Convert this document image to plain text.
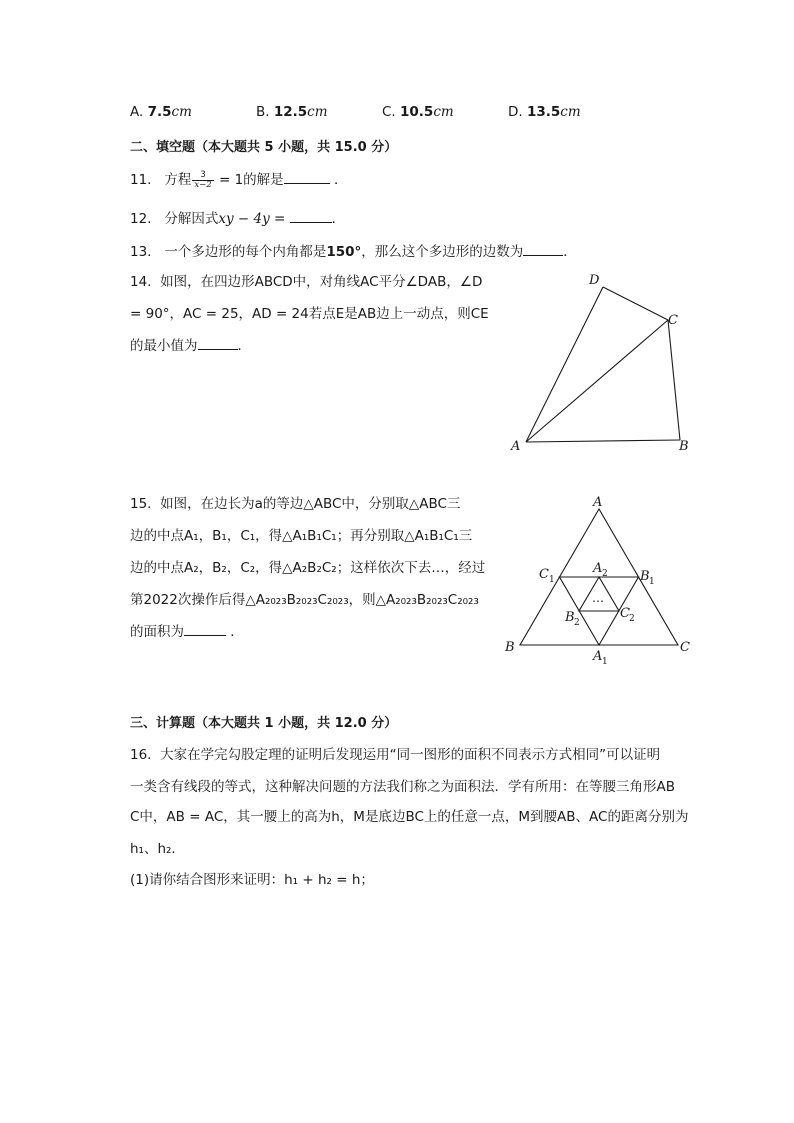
A. 7.5cm	B. 12.5cm	C. 10.5cm	D. 13.5cm
二、填空题（本大题共 5 小题，共 15.0 分）
11. 方程 $\frac{3}{x-2} = 1$的解是	．
12. 分解因式xy − 4y =	．
13. 一个多边形的每个内角都是150°，那么这个多边形的边数为	．
14. 如图，在四边形ABCD中，对角线AC平分∠DAB，∠D
= 90°，AC = 25，AD = 24若点E是AB边上一动点，则CE
的最小值为	．
D
C
A	B
15. 如图，在边长为a的等边△ABC中，分别取△ABC三
边的中点A₁，B₁，C₁，得△A₁B₁C₁；再分别取△A₁B₁C₁三
边的中点A₂，B₂，C₂，得△A₂B₂C₂；这样依次下去…，经过
第2022次操作后得△A₂₀₂₃B₂₀₂₃C₂₀₂₃，则△A₂₀₂₃B₂₀₂₃C₂₀₂₃
的面积为	．
A
B	C
C 1	B 1
A 2
B 2
C 2
…
A 1
三、计算题（本大题共 1 小题，共 12.0 分）
16. 大家在学完勾股定理的证明后发现运用“同一图形的面积不同表示方式相同”可以证明
一类含有线段的等式，这种解决问题的方法我们称之为面积法．学有所用：在等腰三角形AB
C中，AB = AC，其一腰上的高为h，M是底边BC上的任意一点，M到腰AB、AC的距离分别为
h₁、h₂．
(1)请你结合图形来证明：h₁ + h₂ = h；
